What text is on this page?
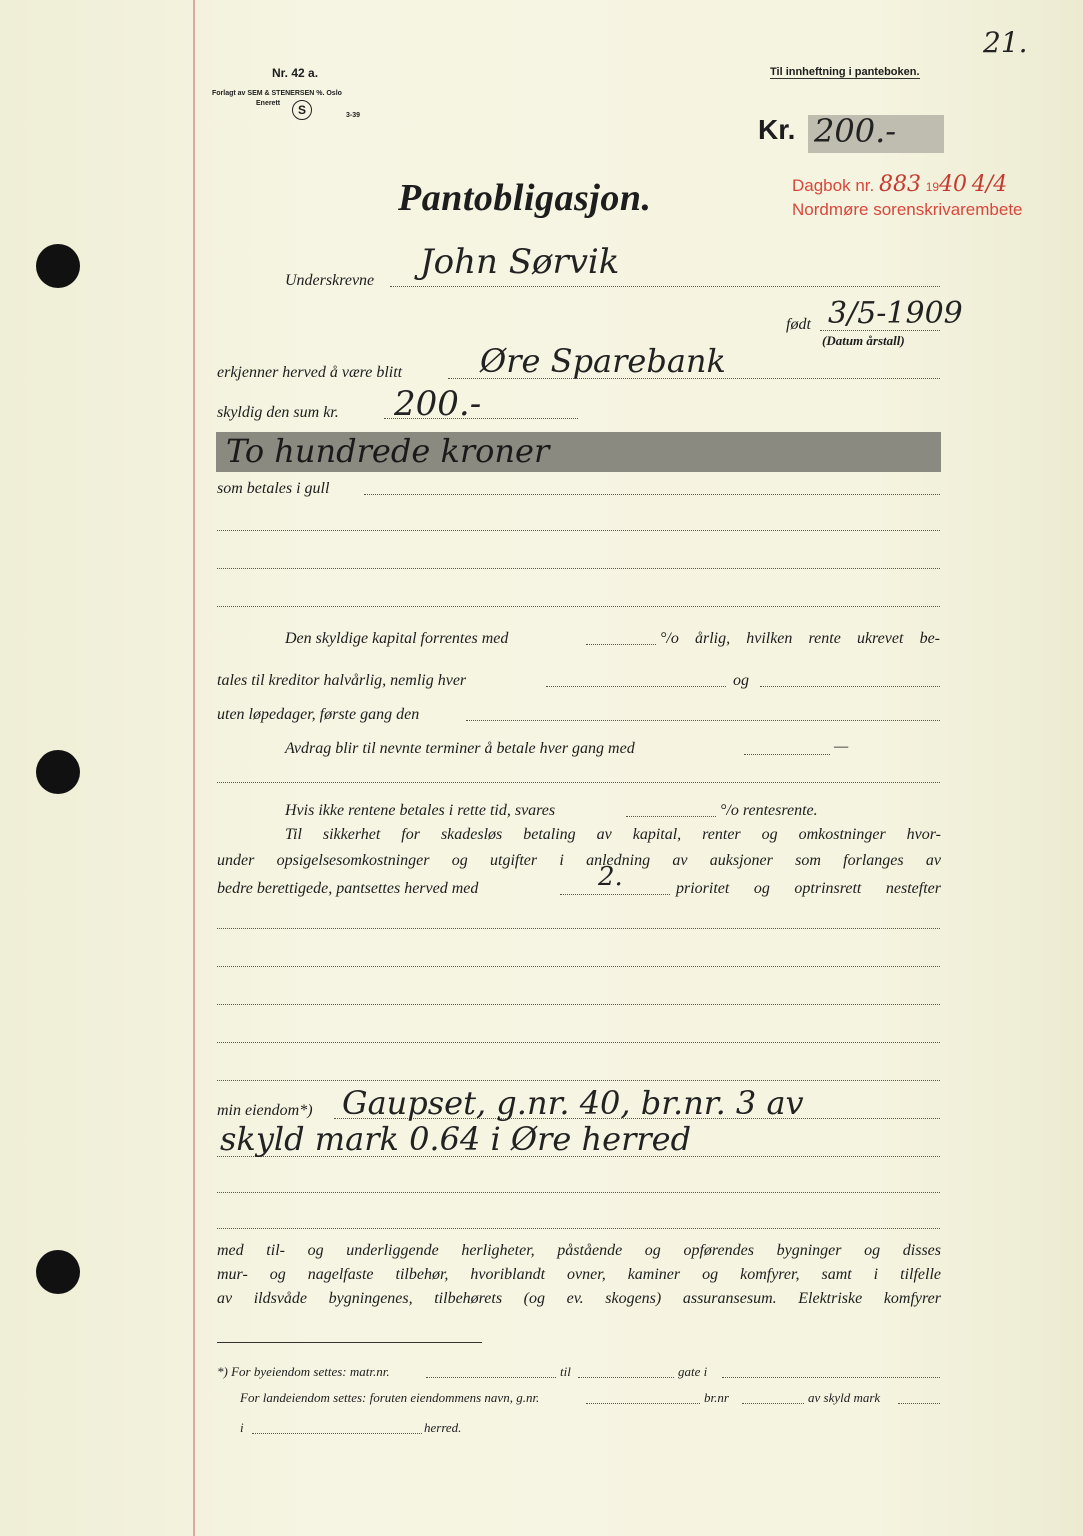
21.
Nr. 42 a.
Forlagt av SEM & STENERSEN %. Oslo
Enerett	S	3-39
Til innheftning i panteboken.
Kr. 200.-
Pantobligasjon.	Dagbok nr. 883 1940 4/4
Nordmøre sorenskrivarembete
Underskrevne John Sørvik
født 3/5-1909
(Datum årstall)
erkjenner herved å være blitt Øre Sparebank
skyldig den sum kr. 200.-
To hundrede kroner
som betales i gull
Den skyldige kapital forrentes med	°/o årlig, hvilken rente ukrevet be-
tales til kreditor halvårlig, nemlig hver	og
uten løpedager, første gang den
Avdrag blir til nevnte terminer å betale hver gang med	—
Hvis ikke rentene betales i rette tid, svares	°/o rentesrente.
Til sikkerhet for skadesløs betaling av kapital, renter og omkostninger hvor-
under opsigelsesomkostninger og utgifter i anledning av auksjoner som forlanges av
bedre berettigede, pantsettes herved med	2.	prioritet og optrinsrett nestefter
min eiendom*) Gaupset, g.nr. 40, br.nr. 3 av
skyld mark 0.64 i Øre herred
med til- og underliggende herligheter, påstående og opførendes bygninger og disses
mur- og nagelfaste tilbehør, hvoriblandt ovner, kaminer og komfyrer, samt i tilfelle
av ildsvåde bygningenes, tilbehørets (og ev. skogens) assuransesum. Elektriske komfyrer
*) For byeiendom settes: matr.nr.	til	gate i
For landeiendom settes: foruten eiendommens navn, g.nr.	br.nr	av skyld mark
i	herred.
